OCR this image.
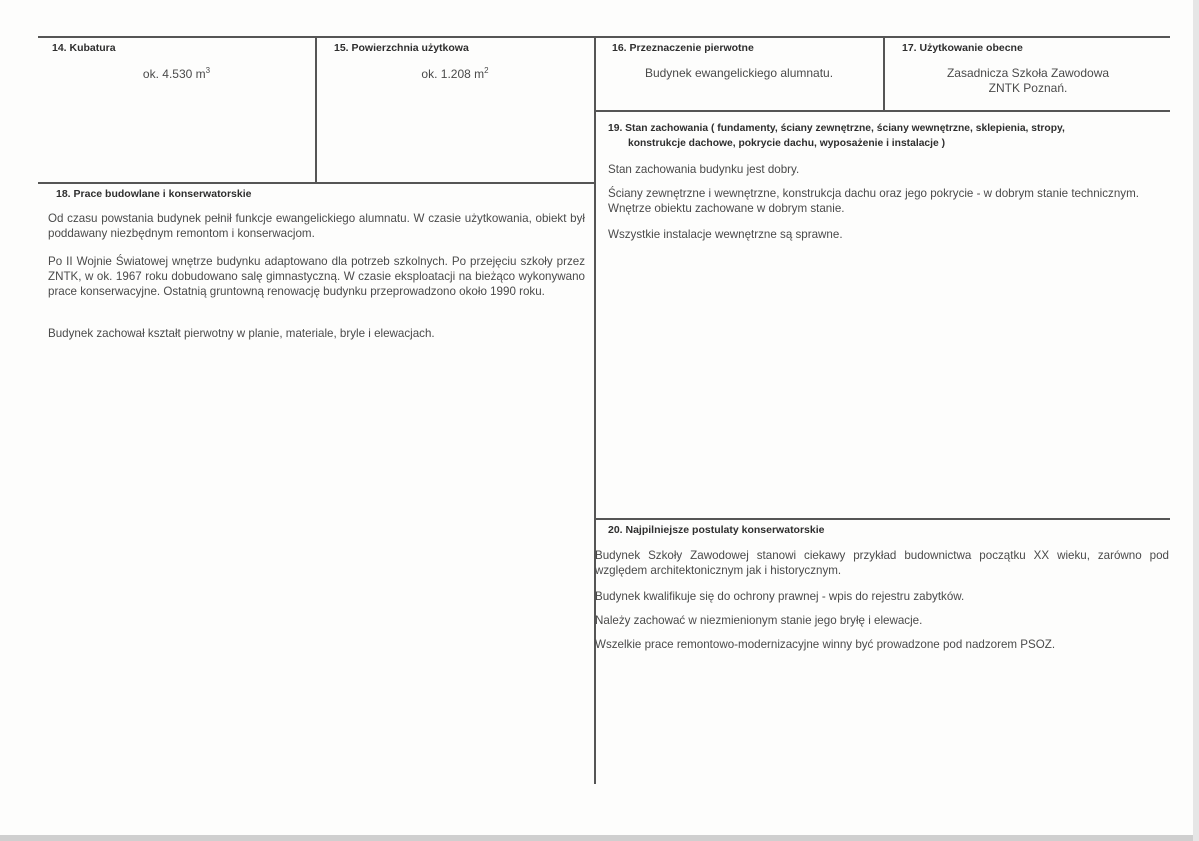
14. Kubatura
ok. 4.530 $m^3$
15. Powierzchnia użytkowa
ok. 1.208 $m^2$
16. Przeznaczenie pierwotne
Budynek ewangelickiego alumnatu.
17. Użytkowanie obecne
Zasadnicza Szkoła Zawodowa
ZNTK Poznań.
19. Stan zachowania ( fundamenty, ściany zewnętrzne, ściany wewnętrzne, sklepienia, stropy,
konstrukcje dachowe, pokrycie dachu, wyposażenie i instalacje )
Stan zachowania budynku jest dobry.
Ściany zewnętrzne i wewnętrzne, konstrukcja dachu oraz jego pokrycie - w dobrym stanie technicznym. Wnętrze obiektu zachowane w dobrym stanie.
Wszystkie instalacje wewnętrzne są sprawne.
18. Prace budowlane i konserwatorskie
Od czasu powstania budynek pełnił funkcje ewangelickiego alumnatu. W czasie użytkowania, obiekt był poddawany niezbędnym remontom i konserwacjom.
Po II Wojnie Światowej wnętrze budynku adaptowano dla potrzeb szkolnych. Po przejęciu szkoły przez ZNTK, w ok. 1967 roku dobudowano salę gimnastyczną. W czasie eksploatacji na bieżąco wykonywano prace konserwacyjne. Ostatnią gruntowną renowację budynku przeprowadzono około 1990 roku.
Budynek zachował kształt pierwotny w planie, materiale, bryle i elewacjach.
20. Najpilniejsze postulaty konserwatorskie
Budynek Szkoły Zawodowej stanowi ciekawy przykład budownictwa początku XX wieku, zarówno pod względem architektonicznym jak i historycznym.
Budynek kwalifikuje się do ochrony prawnej - wpis do rejestru zabytków.
Należy zachować w niezmienionym stanie jego bryłę i elewacje.
Wszelkie prace remontowo-modernizacyjne winny być prowadzone pod nadzorem PSOZ.
